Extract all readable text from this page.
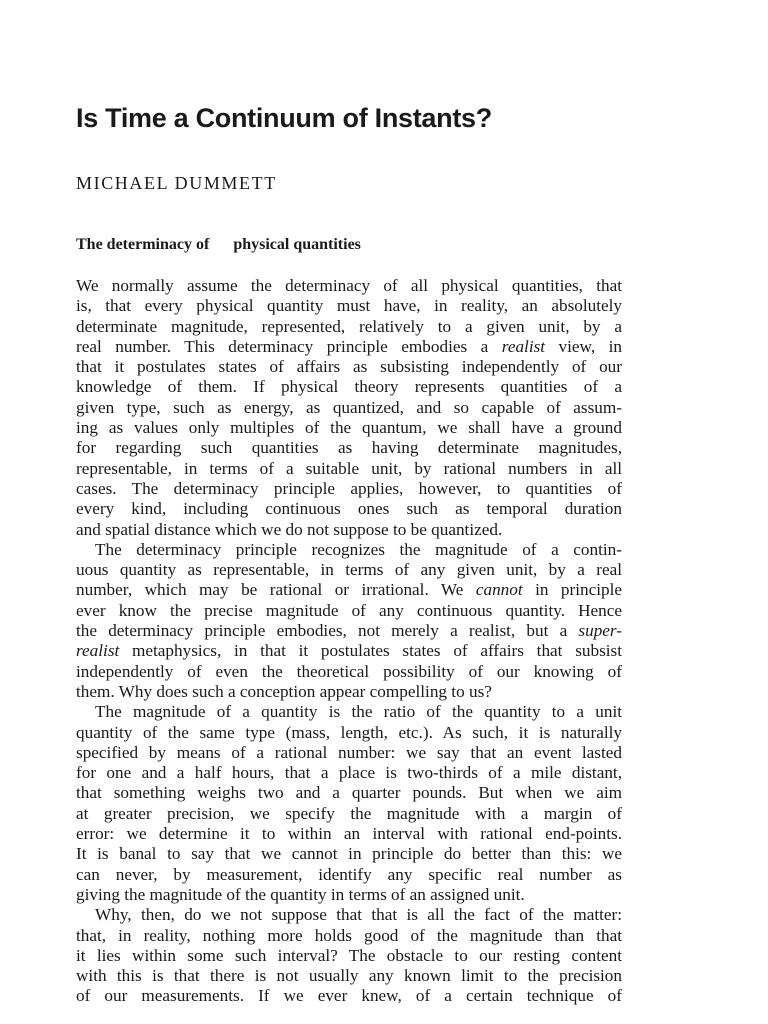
Is Time a Continuum of Instants?
MICHAEL DUMMETT
The determinacy of physical quantities
We normally assume the determinacy of all physical quantities, that
is, that every physical quantity must have, in reality, an absolutely
determinate magnitude, represented, relatively to a given unit, by a
real number. This determinacy principle embodies a realist view, in
that it postulates states of affairs as subsisting independently of our
knowledge of them. If physical theory represents quantities of a
given type, such as energy, as quantized, and so capable of assum-
ing as values only multiples of the quantum, we shall have a ground
for regarding such quantities as having determinate magnitudes,
representable, in terms of a suitable unit, by rational numbers in all
cases. The determinacy principle applies, however, to quantities of
every kind, including continuous ones such as temporal duration
and spatial distance which we do not suppose to be quantized.
The determinacy principle recognizes the magnitude of a contin-
uous quantity as representable, in terms of any given unit, by a real
number, which may be rational or irrational. We cannot in principle
ever know the precise magnitude of any continuous quantity. Hence
the determinacy principle embodies, not merely a realist, but a super-
realist metaphysics, in that it postulates states of affairs that subsist
independently of even the theoretical possibility of our knowing of
them. Why does such a conception appear compelling to us?
The magnitude of a quantity is the ratio of the quantity to a unit
quantity of the same type (mass, length, etc.). As such, it is naturally
specified by means of a rational number: we say that an event lasted
for one and a half hours, that a place is two-thirds of a mile distant,
that something weighs two and a quarter pounds. But when we aim
at greater precision, we specify the magnitude with a margin of
error: we determine it to within an interval with rational end-points.
It is banal to say that we cannot in principle do better than this: we
can never, by measurement, identify any specific real number as
giving the magnitude of the quantity in terms of an assigned unit.
Why, then, do we not suppose that that is all the fact of the matter:
that, in reality, nothing more holds good of the magnitude than that
it lies within some such interval? The obstacle to our resting content
with this is that there is not usually any known limit to the precision
of our measurements. If we ever knew, of a certain technique of
